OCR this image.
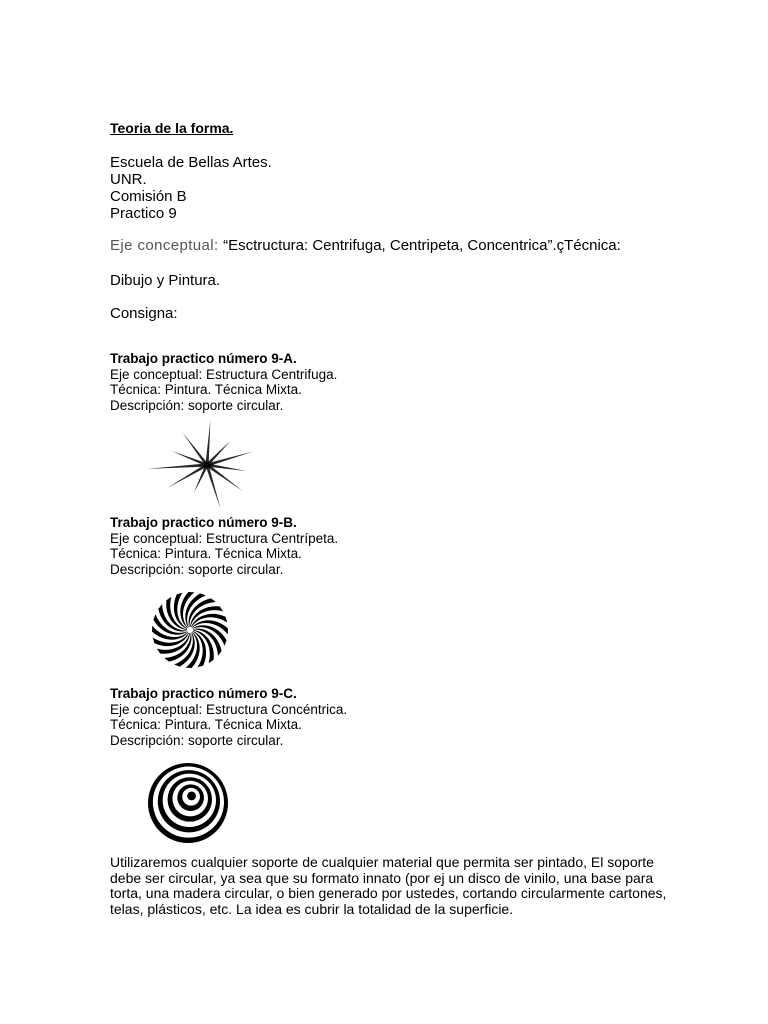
Teoria de la forma.
Escuela de Bellas Artes.
UNR.
Comisión B
Practico 9
Eje conceptual: “Esctructura: Centrifuga, Centripeta, Concentrica”.çTécnica:
Dibujo y Pintura.
Consigna:
Trabajo practico número 9-A.
Eje conceptual: Estructura Centrifuga.
Técnica: Pintura. Técnica Mixta.
Descripción: soporte circular.
Trabajo practico número 9-B.
Eje conceptual: Estructura Centrípeta.
Técnica: Pintura. Técnica Mixta.
Descripción: soporte circular.
Trabajo practico número 9-C.
Eje conceptual: Estructura Concéntrica.
Técnica: Pintura. Técnica Mixta.
Descripción: soporte circular.
Utilizaremos cualquier soporte de cualquier material que permita ser pintado, El soporte debe ser circular, ya sea que su formato innato (por ej un disco de vinilo, una base para torta, una madera circular, o bien generado por ustedes, cortando circularmente cartones, telas, plásticos, etc. La idea es cubrir la totalidad de la superficie.
